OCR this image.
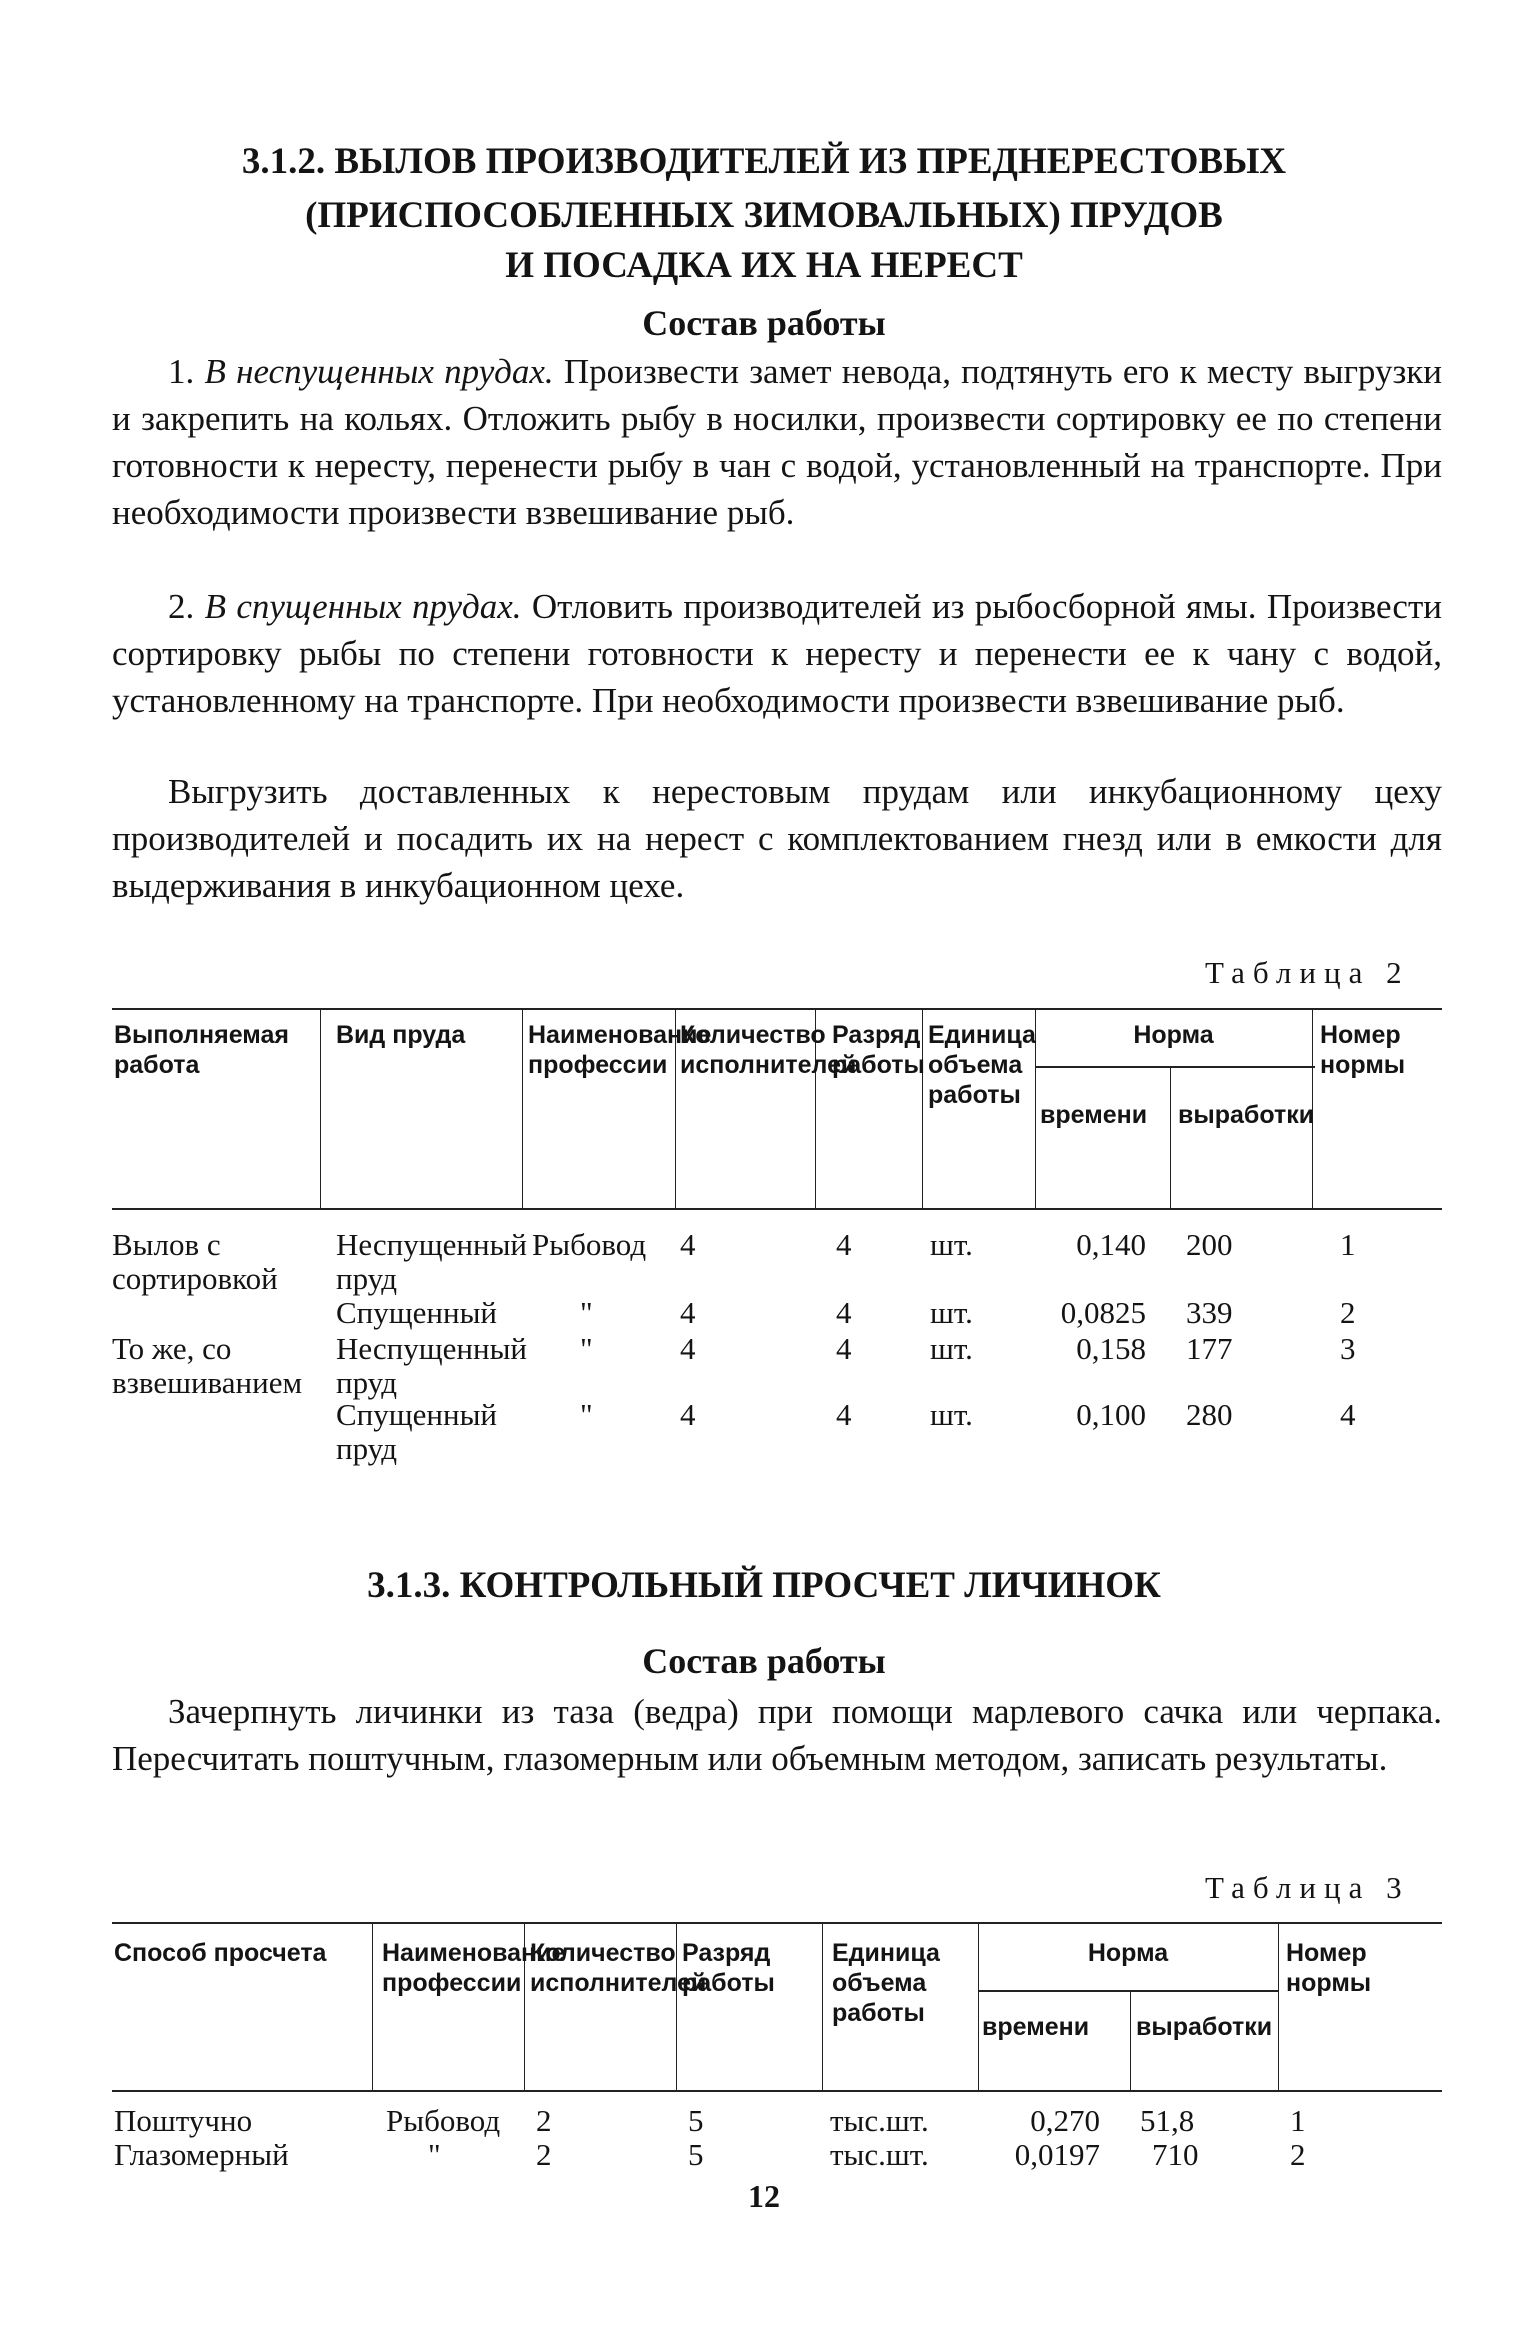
3.1.2. ВЫЛОВ ПРОИЗВОДИТЕЛЕЙ ИЗ ПРЕДНЕРЕСТОВЫХ
(ПРИСПОСОБЛЕННЫХ ЗИМОВАЛЬНЫХ) ПРУДОВ
И ПОСАДКА ИХ НА НЕРЕСТ
Состав работы
1. В неспущенных прудах. Произвести замет невода, подтянуть его к месту выгрузки и закрепить на кольях. Отложить рыбу в носилки, произвести сортировку ее по степени готовности к нересту, перенести рыбу в чан с водой, установленный на транспорте. При необходимости произвести взвешивание рыб.
2. В спущенных прудах. Отловить производителей из рыбосборной ямы. Произвести сортировку рыбы по степени готовности к нересту и перенести ее к чану с водой, установленному на транспорте. При необходимости произвести взвешивание рыб.
Выгрузить доставленных к нерестовым прудам или инкубационному цеху производителей и посадить их на нерест с комплектованием гнезд или в емкости для выдерживания в инкубационном цехе.
Таблица 2
Выполняемая работа
Вид пруда	Наименование профессии
Количество исполнителей
Разряд работы
Единица объема работы
Норма
времени	выработки
Номер нормы
Вылов с сортировкой
Неспущенный пруд
Рыбовод 4	4	шт.	0,140 200	1
Спущенный	"	4	4	шт.	0,0825 339	2
То же, со взвешиванием
Неспущенный пруд
"	4	4	шт.	0,158 177	3
Спущенный пруд
"	4	4	шт.	0,100 280	4
3.1.3. КОНТРОЛЬНЫЙ ПРОСЧЕТ ЛИЧИНОК
Состав работы
Зачерпнуть личинки из таза (ведра) при помощи марлевого сачка или черпака. Пересчитать поштучным, глазомерным или объемным методом, записать результаты.
Таблица 3
Способ просчета	Наименование профессии
Количество исполнителей
Разряд работы
Единица объема работы
Норма
времени	выработки
Номер нормы
Поштучно	Рыбовод 2	5	тыс.шт.	0,270 51,8	1
Глазомерный	"	2	5	тыс.шт.	0,0197 710	2
12
